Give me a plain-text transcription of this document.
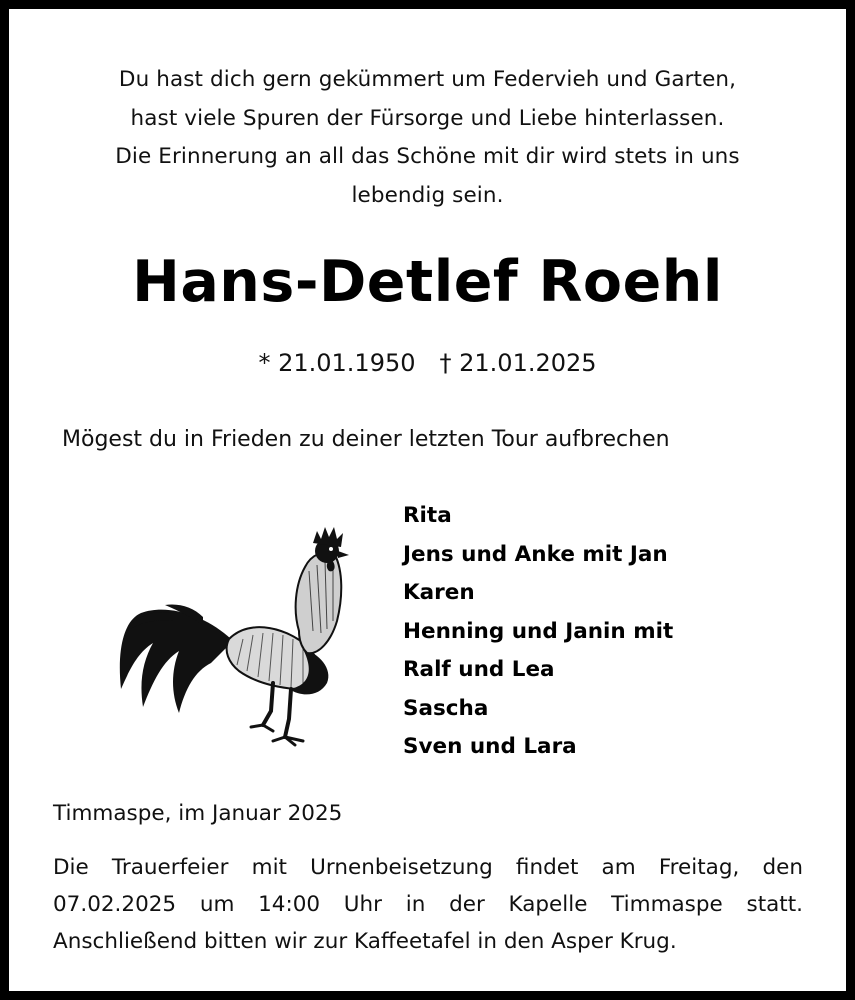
Du hast dich gern gekümmert um Federvieh und Garten,
hast viele Spuren der Fürsorge und Liebe hinterlassen.
Die Erinnerung an all das Schöne mit dir wird stets in uns
lebendig sein.
Hans-Detlef Roehl
* 21.01.1950 † 21.01.2025
Mögest du in Frieden zu deiner letzten Tour aufbrechen
Rita
Jens und Anke mit Jan
Karen
Henning und Janin mit
Ralf und Lea
Sascha
Sven und Lara
Timmaspe, im Januar 2025
Die Trauerfeier mit Urnenbeisetzung findet am Freitag, den
07.02.2025 um 14:00 Uhr in der Kapelle Timmaspe statt.
Anschließend bitten wir zur Kaffeetafel in den Asper Krug.
